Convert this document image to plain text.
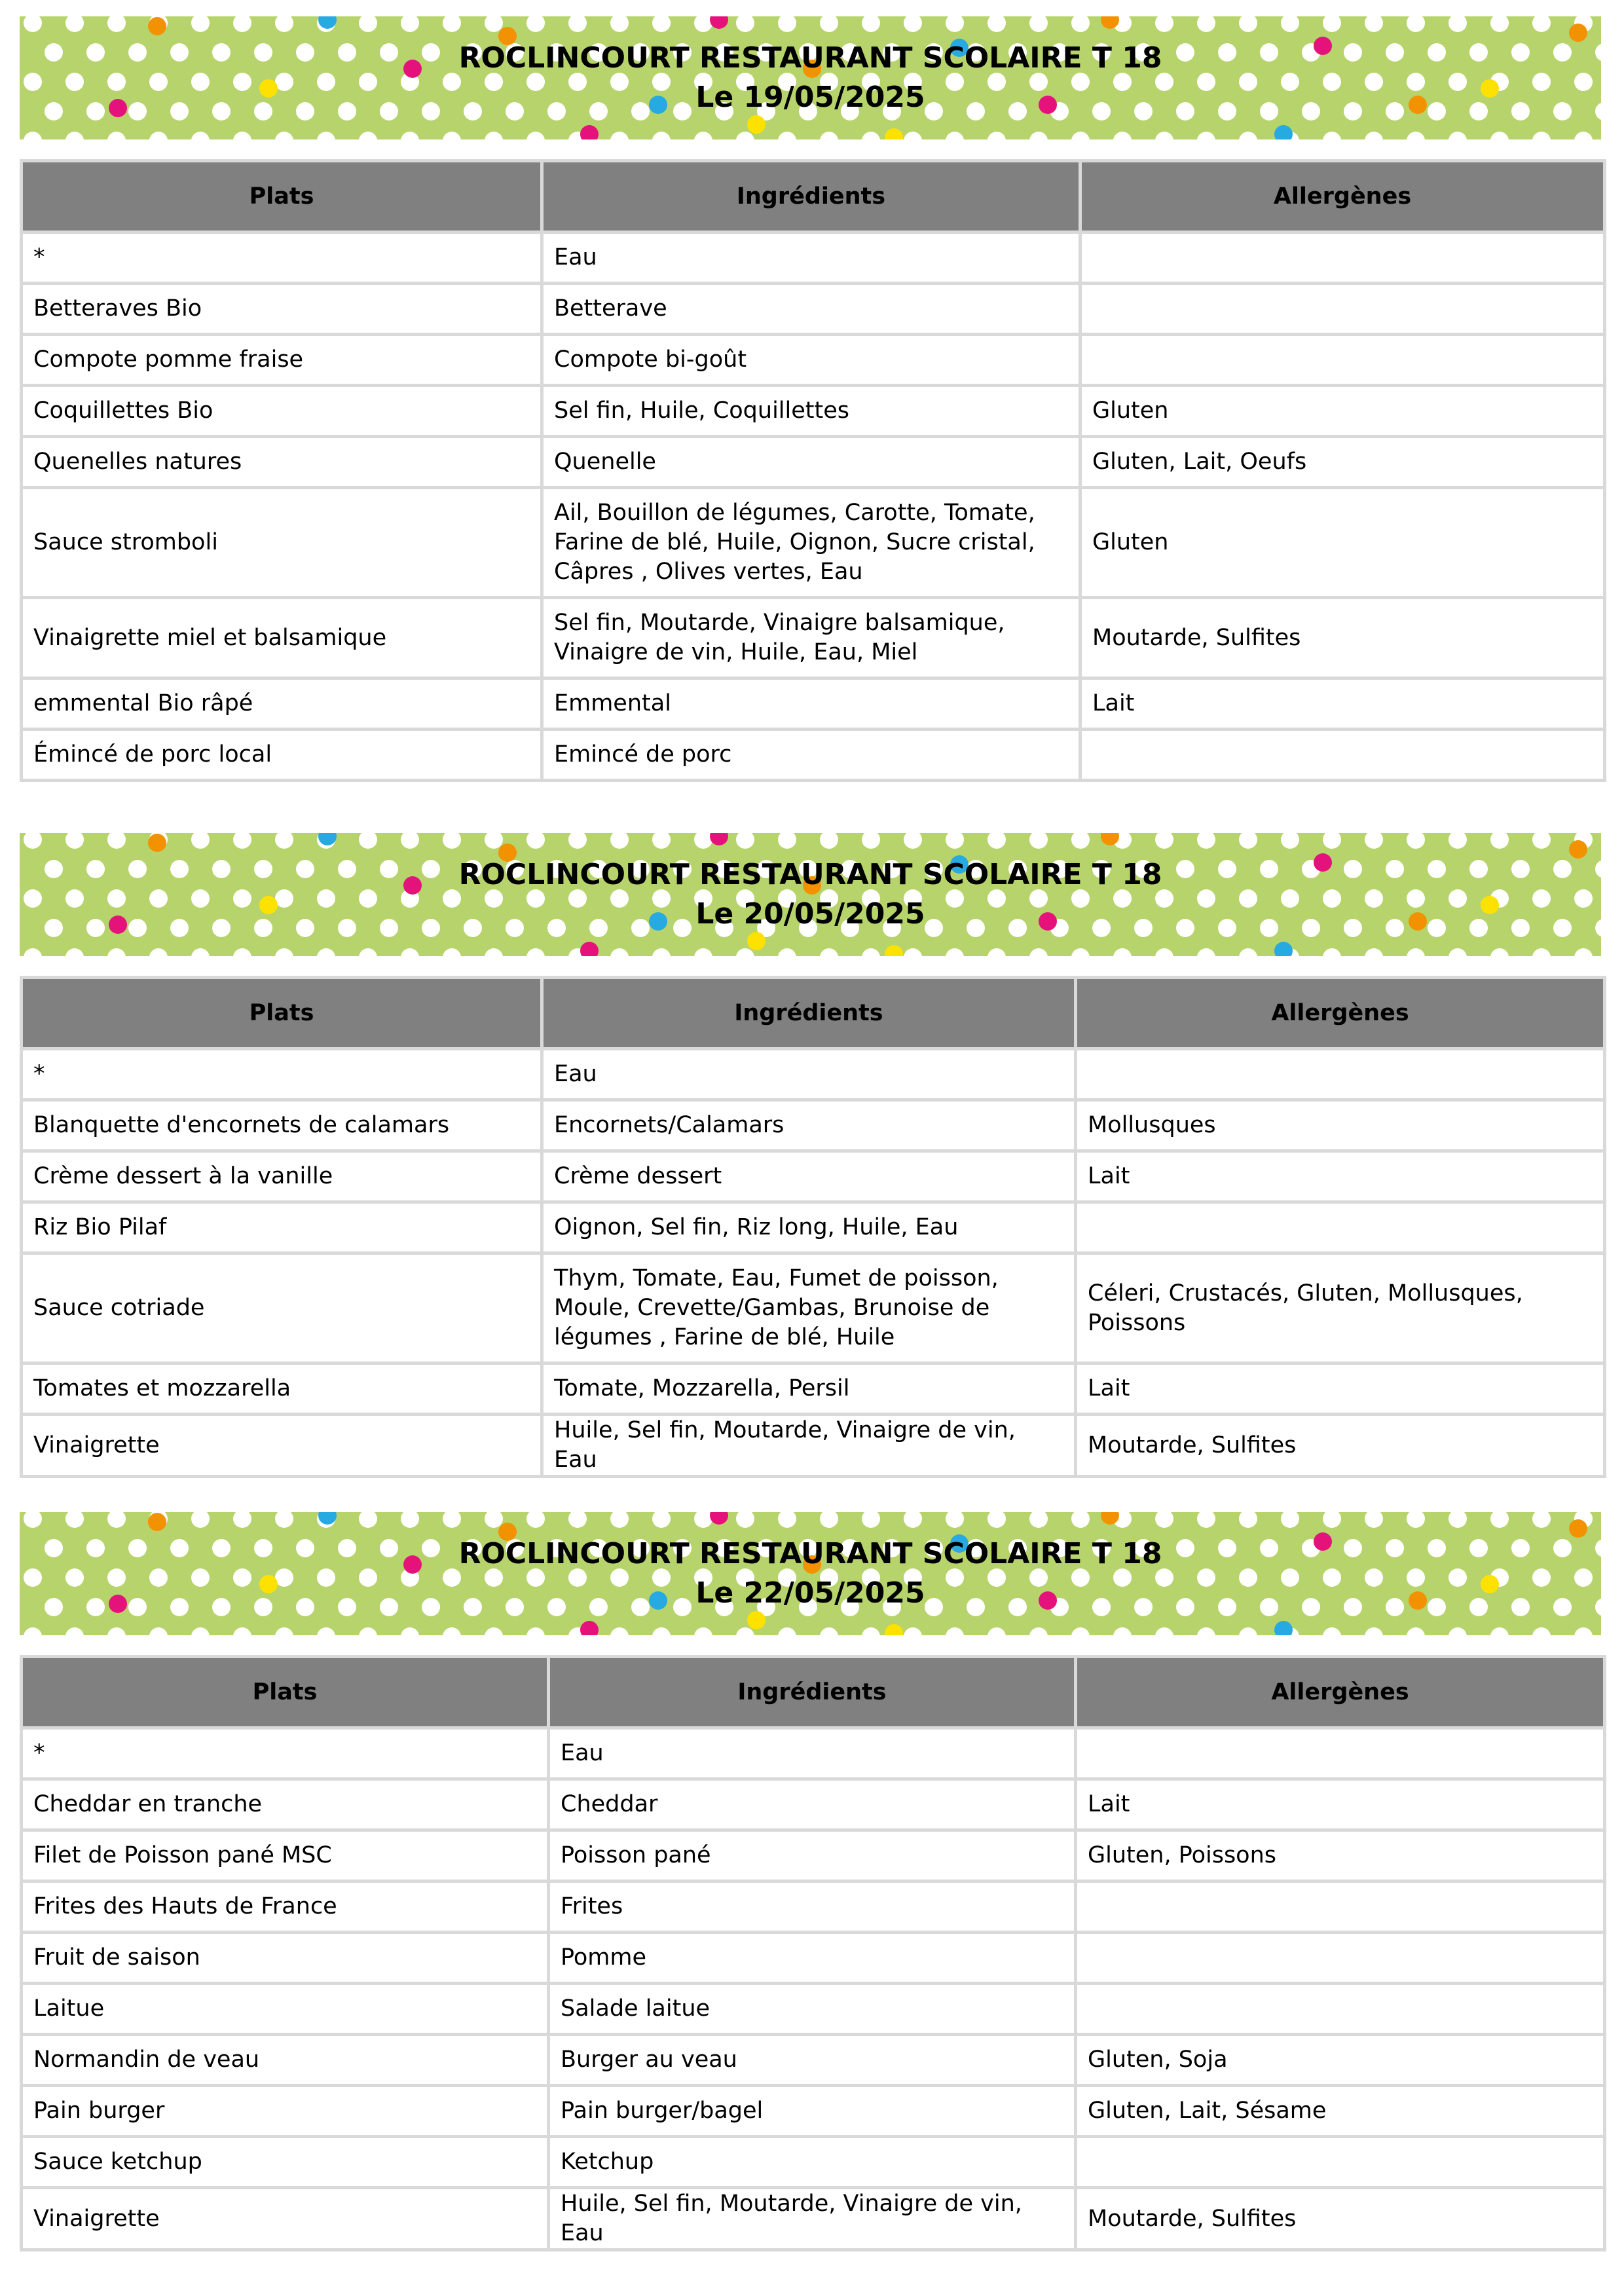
ROCLINCOURT RESTAURANT SCOLAIRE T 18
Le 19/05/2025
Plats	Ingrédients	Allergènes
*	Eau	
Betteraves Bio	Betterave	
Compote pomme fraise	Compote bi-goût	
Coquillettes Bio	Sel fin, Huile, Coquillettes	Gluten
Quenelles natures	Quenelle	Gluten, Lait, Oeufs
Sauce stromboli	Ail, Bouillon de légumes, Carotte, Tomate, Farine de blé, Huile, Oignon, Sucre cristal, Câpres , Olives vertes, Eau	Gluten
Vinaigrette miel et balsamique	Sel fin, Moutarde, Vinaigre balsamique, Vinaigre de vin, Huile, Eau, Miel	Moutarde, Sulfites
emmental Bio râpé	Emmental	Lait
Émincé de porc local	Emincé de porc	
ROCLINCOURT RESTAURANT SCOLAIRE T 18
Le 20/05/2025
Plats	Ingrédients	Allergènes
*	Eau	
Blanquette d'encornets de calamars	Encornets/Calamars	Mollusques
Crème dessert à la vanille	Crème dessert	Lait
Riz Bio Pilaf	Oignon, Sel fin, Riz long, Huile, Eau	
Sauce cotriade	Thym, Tomate, Eau, Fumet de poisson, Moule, Crevette/Gambas, Brunoise de légumes , Farine de blé, Huile	Céleri, Crustacés, Gluten, Mollusques, Poissons
Tomates et mozzarella	Tomate, Mozzarella, Persil	Lait
Vinaigrette	Huile, Sel fin, Moutarde, Vinaigre de vin, Eau	Moutarde, Sulfites
ROCLINCOURT RESTAURANT SCOLAIRE T 18
Le 22/05/2025
Plats	Ingrédients	Allergènes
*	Eau	
Cheddar en tranche	Cheddar	Lait
Filet de Poisson pané MSC	Poisson pané	Gluten, Poissons
Frites des Hauts de France	Frites	
Fruit de saison	Pomme	
Laitue	Salade laitue	
Normandin de veau	Burger au veau	Gluten, Soja
Pain burger	Pain burger/bagel	Gluten, Lait, Sésame
Sauce ketchup	Ketchup	
Vinaigrette	Huile, Sel fin, Moutarde, Vinaigre de vin, Eau	Moutarde, Sulfites
